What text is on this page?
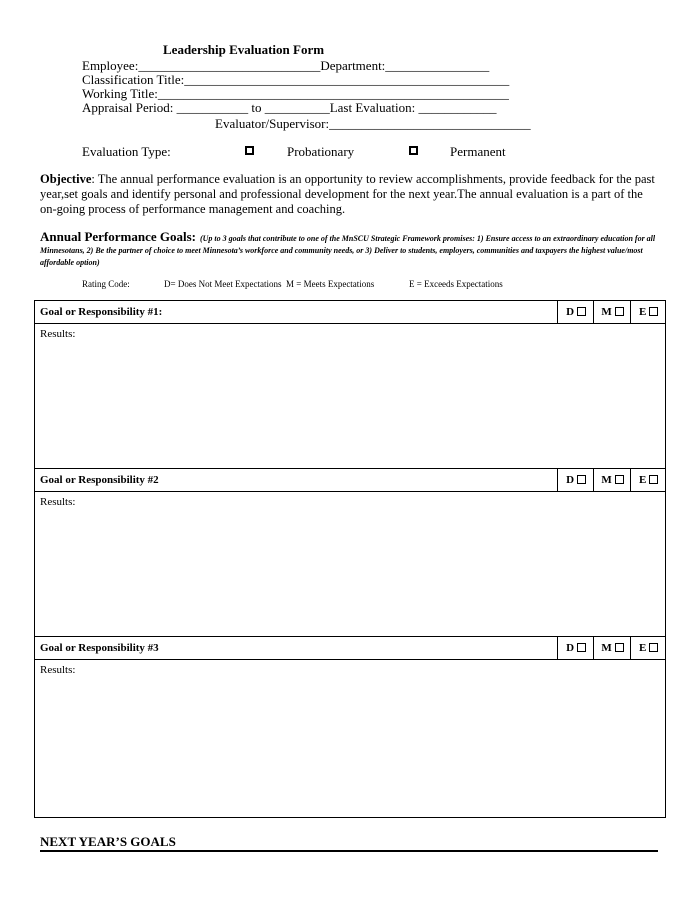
Leadership Evaluation Form
Employee:____________________________Department:________________
Classification Title:__________________________________________________
Working Title:______________________________________________________
Appraisal Period: ___________ to __________Last Evaluation: ____________
Evaluator/Supervisor:_______________________________
Evaluation Type:	Probationary	Permanent
Objective: The annual performance evaluation is an opportunity to review accomplishments, provide feedback for the past year,set goals and identify personal and professional development for the next year.The annual evaluation is a part of the on-going process of performance management and coaching.
Annual Performance Goals: (Up to 3 goals that contribute to one of the MnSCU Strategic Framework promises: 1) Ensure access to an extraordinary education for all Minnesotans, 2) Be the partner of choice to meet Minnesota’s workforce and community needs, or 3) Deliver to students, employers, communities and taxpayers the highest value/most affordable option)
Rating Code:	D= Does Not Meet Expectations M = Meets Expectations	E = Exceeds Expectations
Goal or Responsibility #1:	D	M	E
Results:
Goal or Responsibility #2	D	M	E
Results:
Goal or Responsibility #3	D	M	E
Results:
NEXT YEAR’S GOALS
